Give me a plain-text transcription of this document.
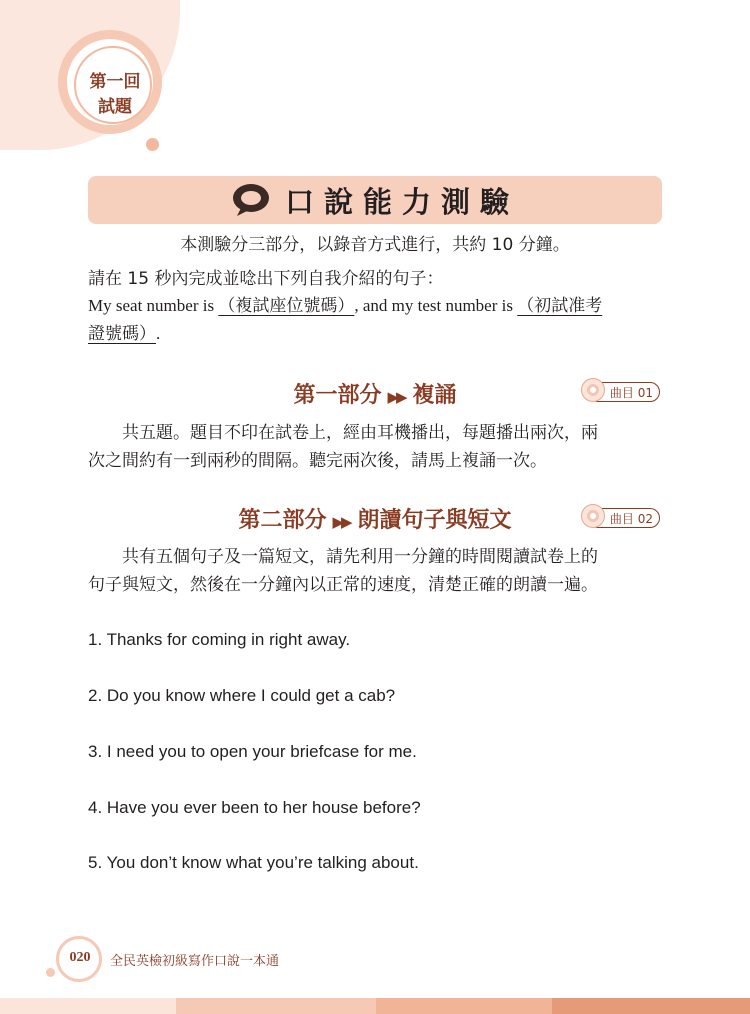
第一回
試題
口說能力測驗
本測驗分三部分，以錄音方式進行，共約 10 分鐘。
請在 15 秒內完成並唸出下列自我介紹的句子：
My seat number is （複試座位號碼）, and my test number is （初試准考
證號碼）.
第一部分 ▶▶ 複誦	曲目 01
　　共五題。題目不印在試卷上，經由耳機播出，每題播出兩次，兩
次之間約有一到兩秒的間隔。聽完兩次後，請馬上複誦一次。
第二部分 ▶▶ 朗讀句子與短文	曲目 02
　　共有五個句子及一篇短文，請先利用一分鐘的時間閱讀試卷上的
句子與短文，然後在一分鐘內以正常的速度，清楚正確的朗讀一遍。
1. Thanks for coming in right away.
2. Do you know where I could get a cab?
3. I need you to open your briefcase for me.
4. Have you ever been to her house before?
5. You don’t know what you’re talking about.
020	全民英檢初級寫作口說一本通
